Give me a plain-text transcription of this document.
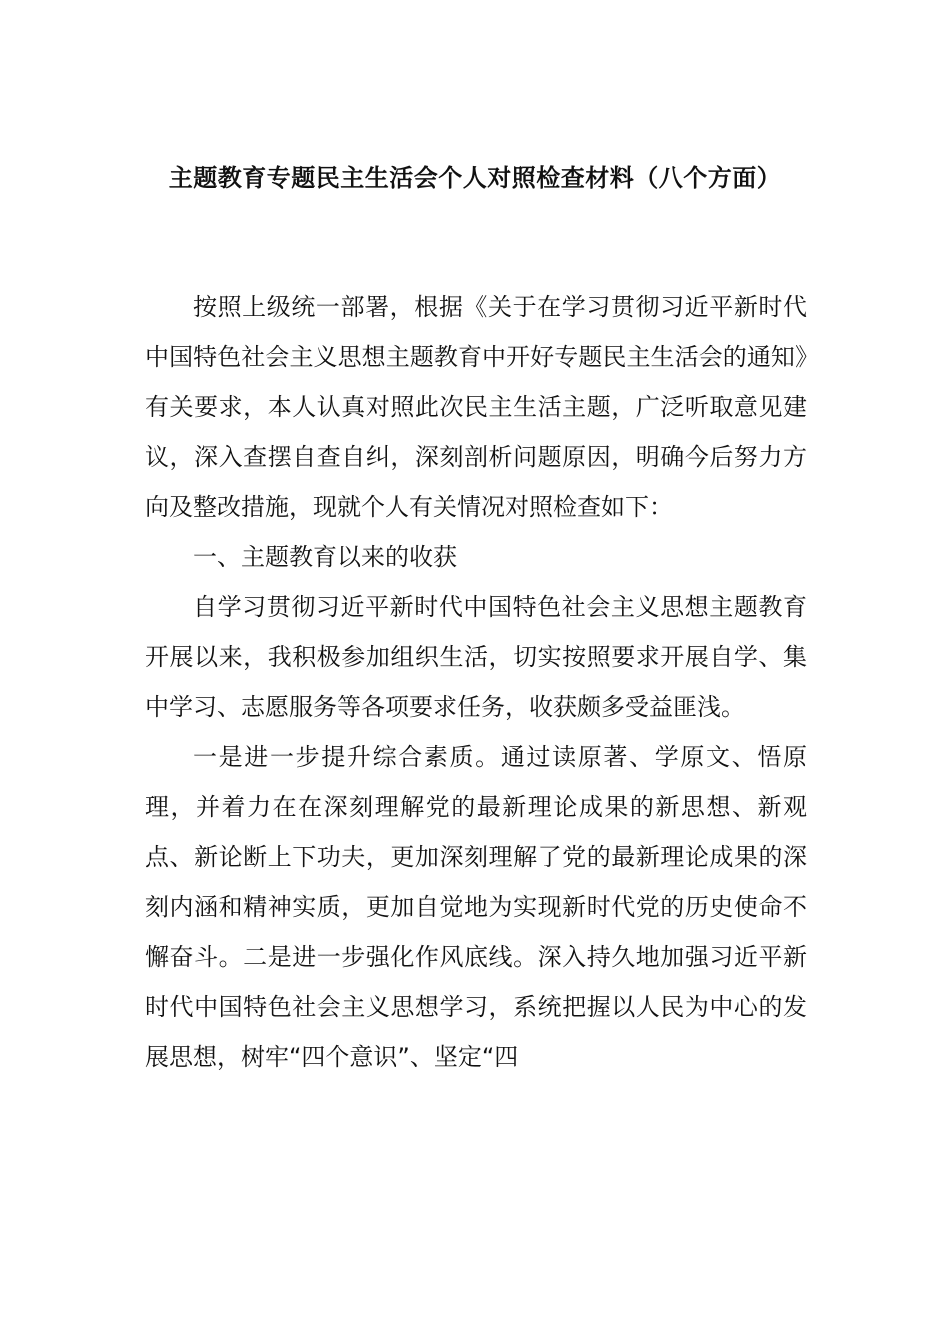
主题教育专题民主生活会个人对照检查材料（八个方面）

按照上级统一部署，根据《关于在学习贯彻习近平新时代中国特色社会主义思想主题教育中开好专题民主生活会的通知》有关要求，本人认真对照此次民主生活主题，广泛听取意见建议，深入查摆自查自纠，深刻剖析问题原因，明确今后努力方向及整改措施，现就个人有关情况对照检查如下：

一、主题教育以来的收获

自学习贯彻习近平新时代中国特色社会主义思想主题教育开展以来，我积极参加组织生活，切实按照要求开展自学、集中学习、志愿服务等各项要求任务，收获颇多受益匪浅。

一是进一步提升综合素质。通过读原著、学原文、悟原理，并着力在在深刻理解党的最新理论成果的新思想、新观点、新论断上下功夫，更加深刻理解了党的最新理论成果的深刻内涵和精神实质，更加自觉地为实现新时代党的历史使命不懈奋斗。二是进一步强化作风底线。深入持久地加强习近平新时代中国特色社会主义思想学习，系统把握以人民为中心的发展思想，树牢“四个意识”、坚定“四
